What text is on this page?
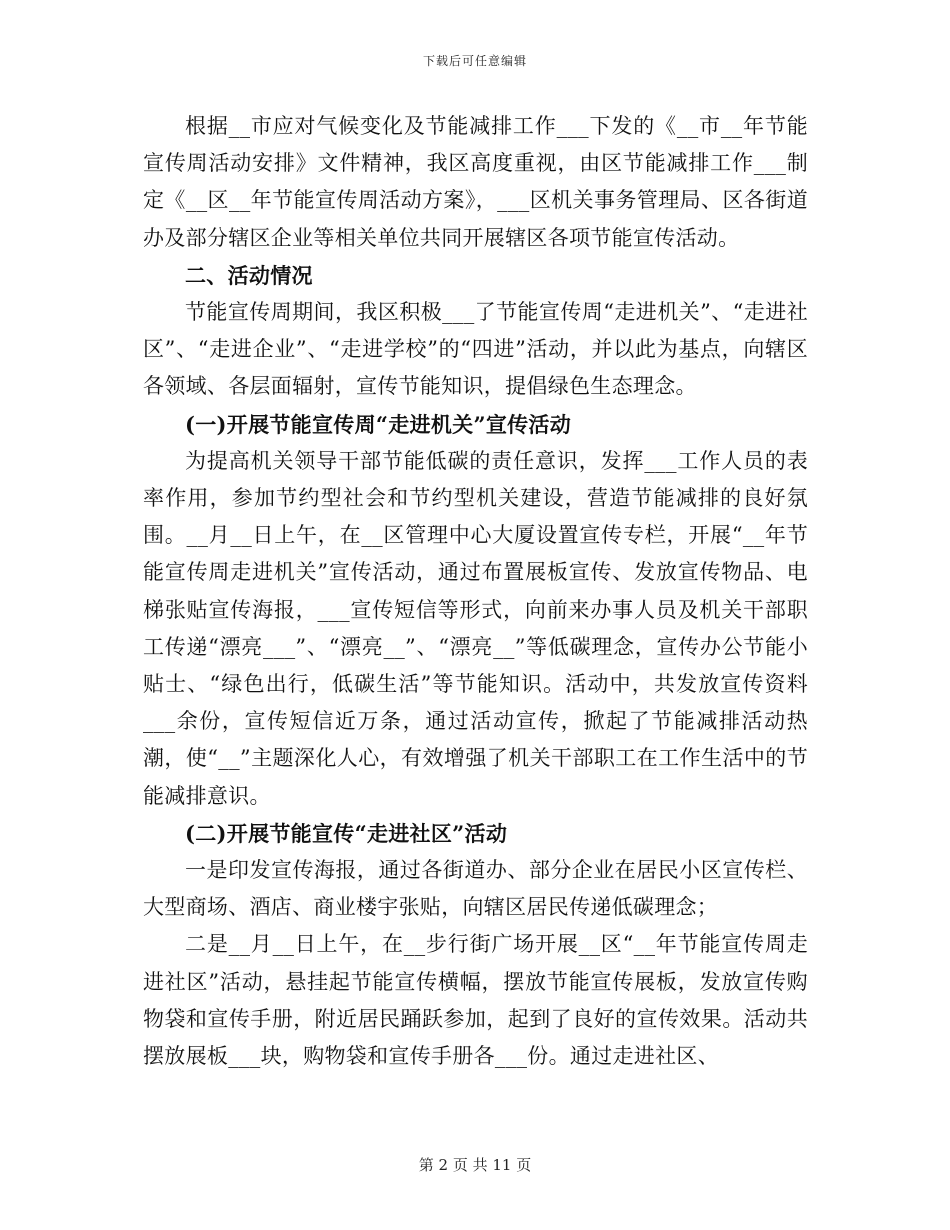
下载后可任意编辑

根据__市应对气候变化及节能减排工作___下发的《__市__年节能宣传周活动安排》文件精神，我区高度重视，由区节能减排工作___制定《__区__年节能宣传周活动方案》，___区机关事务管理局、区各街道办及部分辖区企业等相关单位共同开展辖区各项节能宣传活动。

二、活动情况

节能宣传周期间，我区积极___了节能宣传周“走进机关”、“走进社区”、“走进企业”、“走进学校”的“四进”活动，并以此为基点，向辖区各领域、各层面辐射，宣传节能知识，提倡绿色生态理念。

(一)开展节能宣传周“走进机关”宣传活动

为提高机关领导干部节能低碳的责任意识，发挥___工作人员的表率作用，参加节约型社会和节约型机关建设，营造节能减排的良好氛围。__月__日上午，在__区管理中心大厦设置宣传专栏，开展“__年节能宣传周走进机关”宣传活动，通过布置展板宣传、发放宣传物品、电梯张贴宣传海报，___宣传短信等形式，向前来办事人员及机关干部职工传递“漂亮___”、“漂亮__”、“漂亮__”等低碳理念，宣传办公节能小贴士、“绿色出行，低碳生活”等节能知识。活动中，共发放宣传资料___余份，宣传短信近万条，通过活动宣传，掀起了节能减排活动热潮，使“__”主题深化人心，有效增强了机关干部职工在工作生活中的节能减排意识。

(二)开展节能宣传“走进社区”活动

一是印发宣传海报，通过各街道办、部分企业在居民小区宣传栏、大型商场、酒店、商业楼宇张贴，向辖区居民传递低碳理念；

二是__月__日上午，在__步行街广场开展__区“__年节能宣传周走进社区”活动，悬挂起节能宣传横幅，摆放节能宣传展板，发放宣传购物袋和宣传手册，附近居民踊跃参加，起到了良好的宣传效果。活动共摆放展板___块，购物袋和宣传手册各___份。通过走进社区、

第 2 页 共 11 页
